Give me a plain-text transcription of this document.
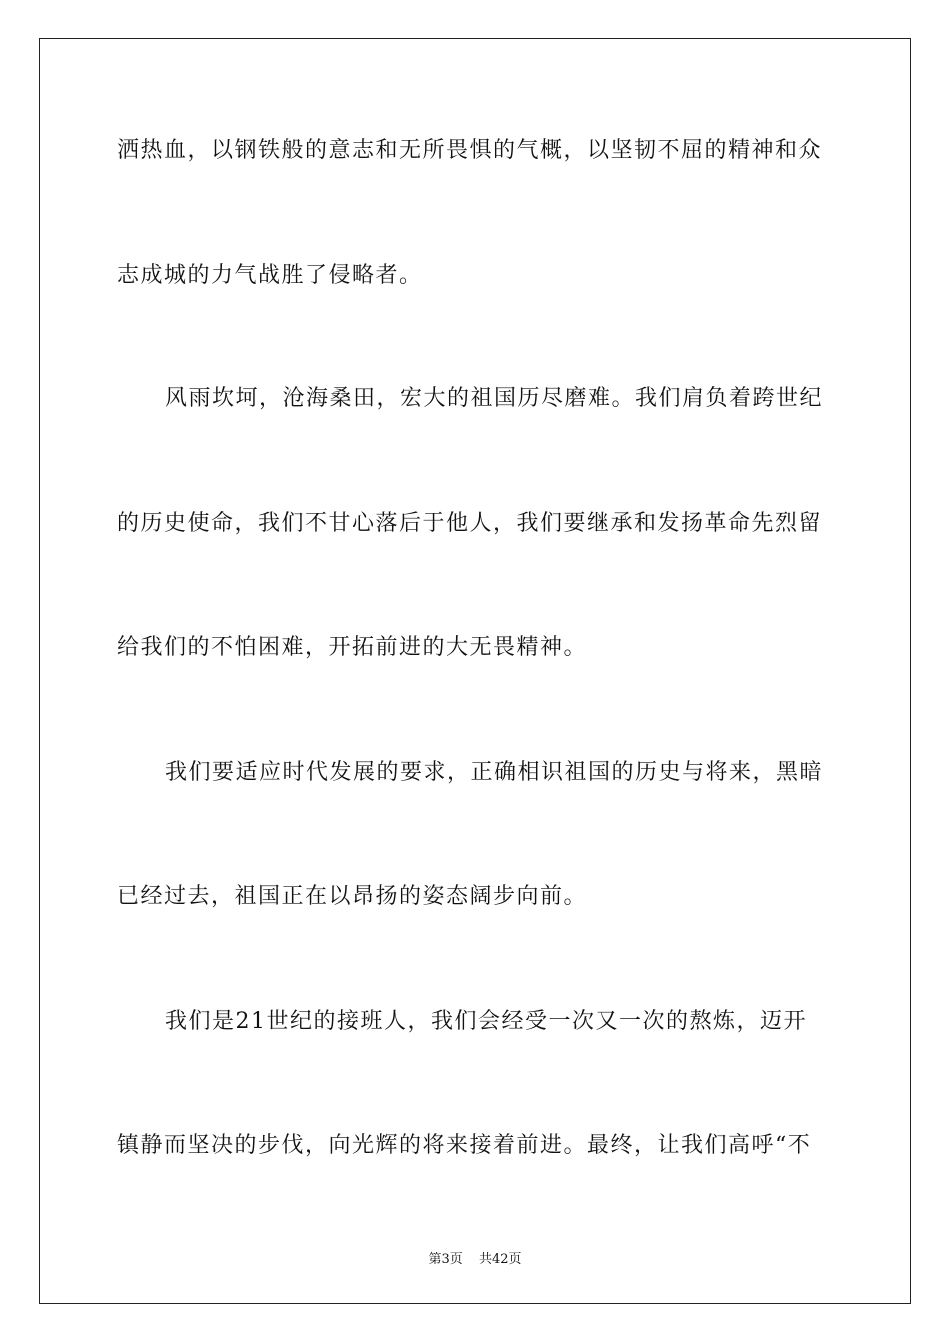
洒热血，以钢铁般的意志和无所畏惧的气概，以坚韧不屈的精神和众
志成城的力气战胜了侵略者。
风雨坎坷，沧海桑田，宏大的祖国历尽磨难。我们肩负着跨世纪
的历史使命，我们不甘心落后于他人，我们要继承和发扬革命先烈留
给我们的不怕困难，开拓前进的大无畏精神。
我们要适应时代发展的要求，正确相识祖国的历史与将来，黑暗
已经过去，祖国正在以昂扬的姿态阔步向前。
我们是21世纪的接班人，我们会经受一次又一次的熬炼，迈开
镇静而坚决的步伐，向光辉的将来接着前进。最终，让我们高呼“不
第3页 共42页
